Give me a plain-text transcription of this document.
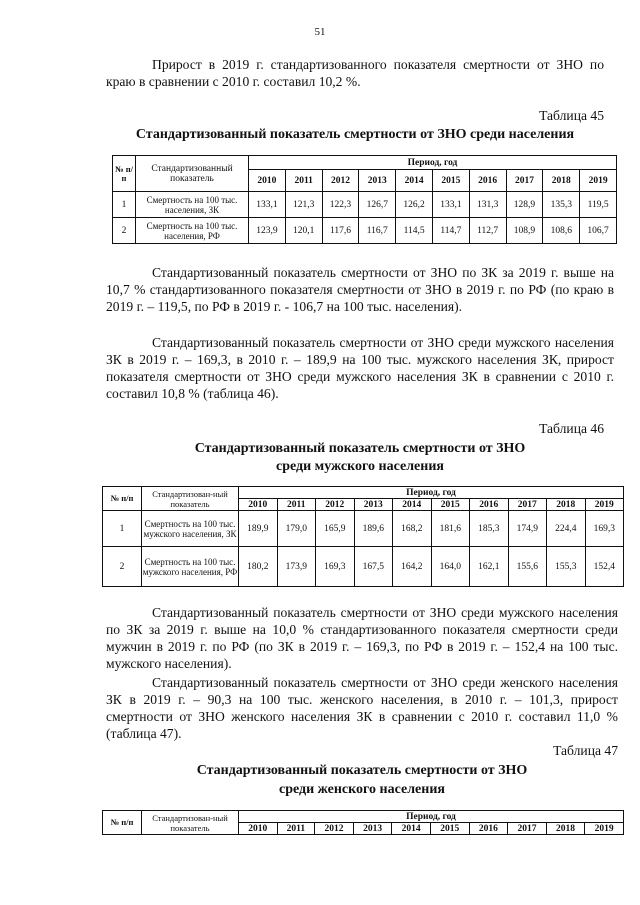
51
Прирост в 2019 г. стандартизованного показателя смертности от ЗНО по краю в сравнении с 2010 г. составил 10,2 %.
Таблица 45
Стандартизованный показатель смертности от ЗНО среди населения
№ п/ п	Стандартизованный показатель	Период, год									
		2010	2011	2012	2013	2014	2015	2016	2017	2018	2019
1	Смертность на 100 тыс. населения, ЗК	133,1	121,3	122,3	126,7	126,2	133,1	131,3	128,9	135,3	119,5
2	Смертность на 100 тыс. населения, РФ	123,9	120,1	117,6	116,7	114,5	114,7	112,7	108,9	108,6	106,7
Стандартизованный показатель смертности от ЗНО по ЗК за 2019 г. выше на 10,7 % стандартизованного показателя смертности от ЗНО в 2019 г. по РФ (по краю в 2019 г. – 119,5, по РФ в 2019 г. - 106,7 на 100 тыс. населения).
Стандартизованный показатель смертности от ЗНО среди мужского населения ЗК в 2019 г. – 169,3, в 2010 г. – 189,9 на 100 тыс. мужского населения ЗК, прирост показателя смертности от ЗНО среди мужского населения ЗК в сравнении с 2010 г. составил 10,8 % (таблица 46).
Таблица 46
Стандартизованный показатель смертности от ЗНО
среди мужского населения
№ п/п	Стандартизован-ный показатель	Период, год									
		2010	2011	2012	2013	2014	2015	2016	2017	2018	2019
1	Смертность на 100 тыс. мужского населения, ЗК	189,9	179,0	165,9	189,6	168,2	181,6	185,3	174,9	224,4	169,3
2	Смертность на 100 тыс. мужского населения, РФ	180,2	173,9	169,3	167,5	164,2	164,0	162,1	155,6	155,3	152,4
Стандартизованный показатель смертности от ЗНО среди мужского населения по ЗК за 2019 г. выше на 10,0 % стандартизованного показателя смертности среди мужчин в 2019 г. по РФ (по ЗК в 2019 г. – 169,3, по РФ в 2019 г. – 152,4 на 100 тыс. мужского населения).
Стандартизованный показатель смертности от ЗНО среди женского населения ЗК в 2019 г. – 90,3 на 100 тыс. женского населения, в 2010 г. – 101,3, прирост смертности от ЗНО женского населения ЗК в сравнении с 2010 г. составил 11,0 % (таблица 47).
Таблица 47
Стандартизованный показатель смертности от ЗНО
среди женского населения
№ п/п	Стандартизован-ный показатель	Период, год									
		2010	2011	2012	2013	2014	2015	2016	2017	2018	2019
